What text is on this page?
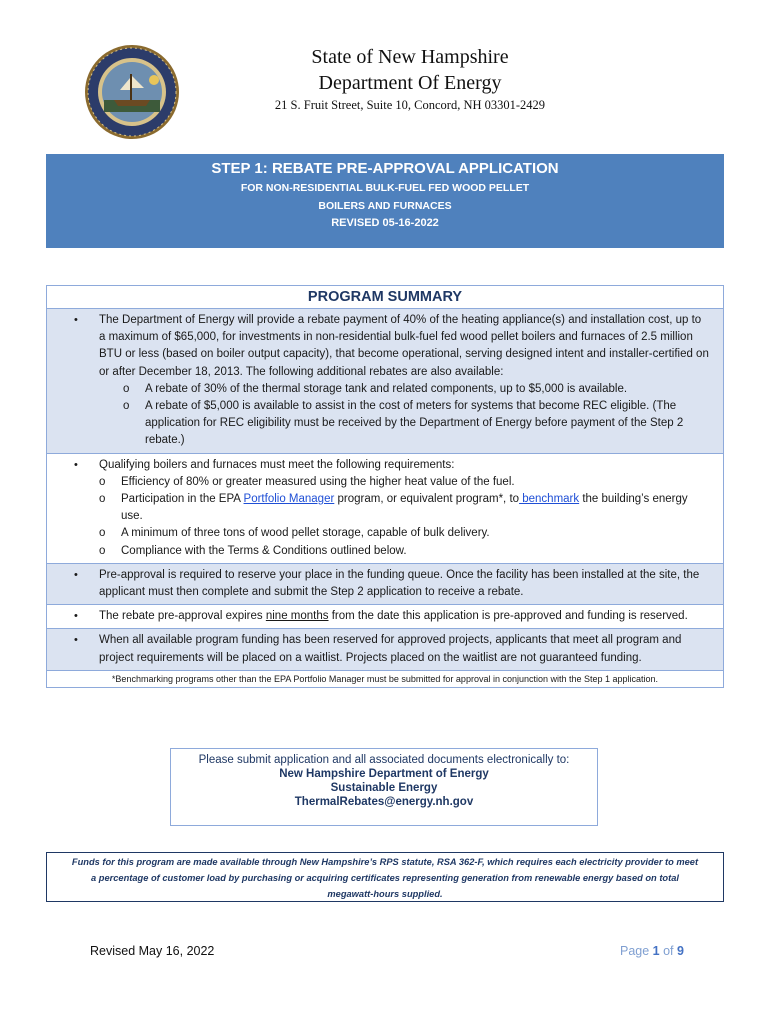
State of New Hampshire
Department Of Energy
21 S. Fruit Street, Suite 10, Concord, NH 03301-2429
STEP 1: REBATE PRE-APPROVAL APPLICATION
FOR NON-RESIDENTIAL BULK-FUEL FED WOOD PELLET
BOILERS AND FURNACES
REVISED 05-16-2022
PROGRAM SUMMARY
• The Department of Energy will provide a rebate payment of 40% of the heating appliance(s) and installation cost, up to a maximum of $65,000, for investments in non-residential bulk-fuel fed wood pellet boilers and furnaces of 2.5 million BTU or less (based on boiler output capacity), that become operational, serving designed intent and installer-certified on or after December 18, 2013. The following additional rebates are also available:
o A rebate of 30% of the thermal storage tank and related components, up to $5,000 is available.
o A rebate of $5,000 is available to assist in the cost of meters for systems that become REC eligible. (The application for REC eligibility must be received by the Department of Energy before payment of the Step 2 rebate.)
• Qualifying boilers and furnaces must meet the following requirements:
o Efficiency of 80% or greater measured using the higher heat value of the fuel.
o Participation in the EPA Portfolio Manager program, or equivalent program*, to benchmark the building’s energy use.
o A minimum of three tons of wood pellet storage, capable of bulk delivery.
o Compliance with the Terms & Conditions outlined below.
• Pre-approval is required to reserve your place in the funding queue. Once the facility has been installed at the site, the applicant must then complete and submit the Step 2 application to receive a rebate.
• The rebate pre-approval expires nine months from the date this application is pre-approved and funding is reserved.
• When all available program funding has been reserved for approved projects, applicants that meet all program and project requirements will be placed on a waitlist. Projects placed on the waitlist are not guaranteed funding.
*Benchmarking programs other than the EPA Portfolio Manager must be submitted for approval in conjunction with the Step 1 application.
Please submit application and all associated documents electronically to:
New Hampshire Department of Energy
Sustainable Energy
ThermalRebates@energy.nh.gov
Funds for this program are made available through New Hampshire’s RPS statute, RSA 362-F, which requires each electricity provider to meet
a percentage of customer load by purchasing or acquiring certificates representing generation from renewable energy based on total
megawatt-hours supplied.
Revised May 16, 2022	Page 1 of 9
